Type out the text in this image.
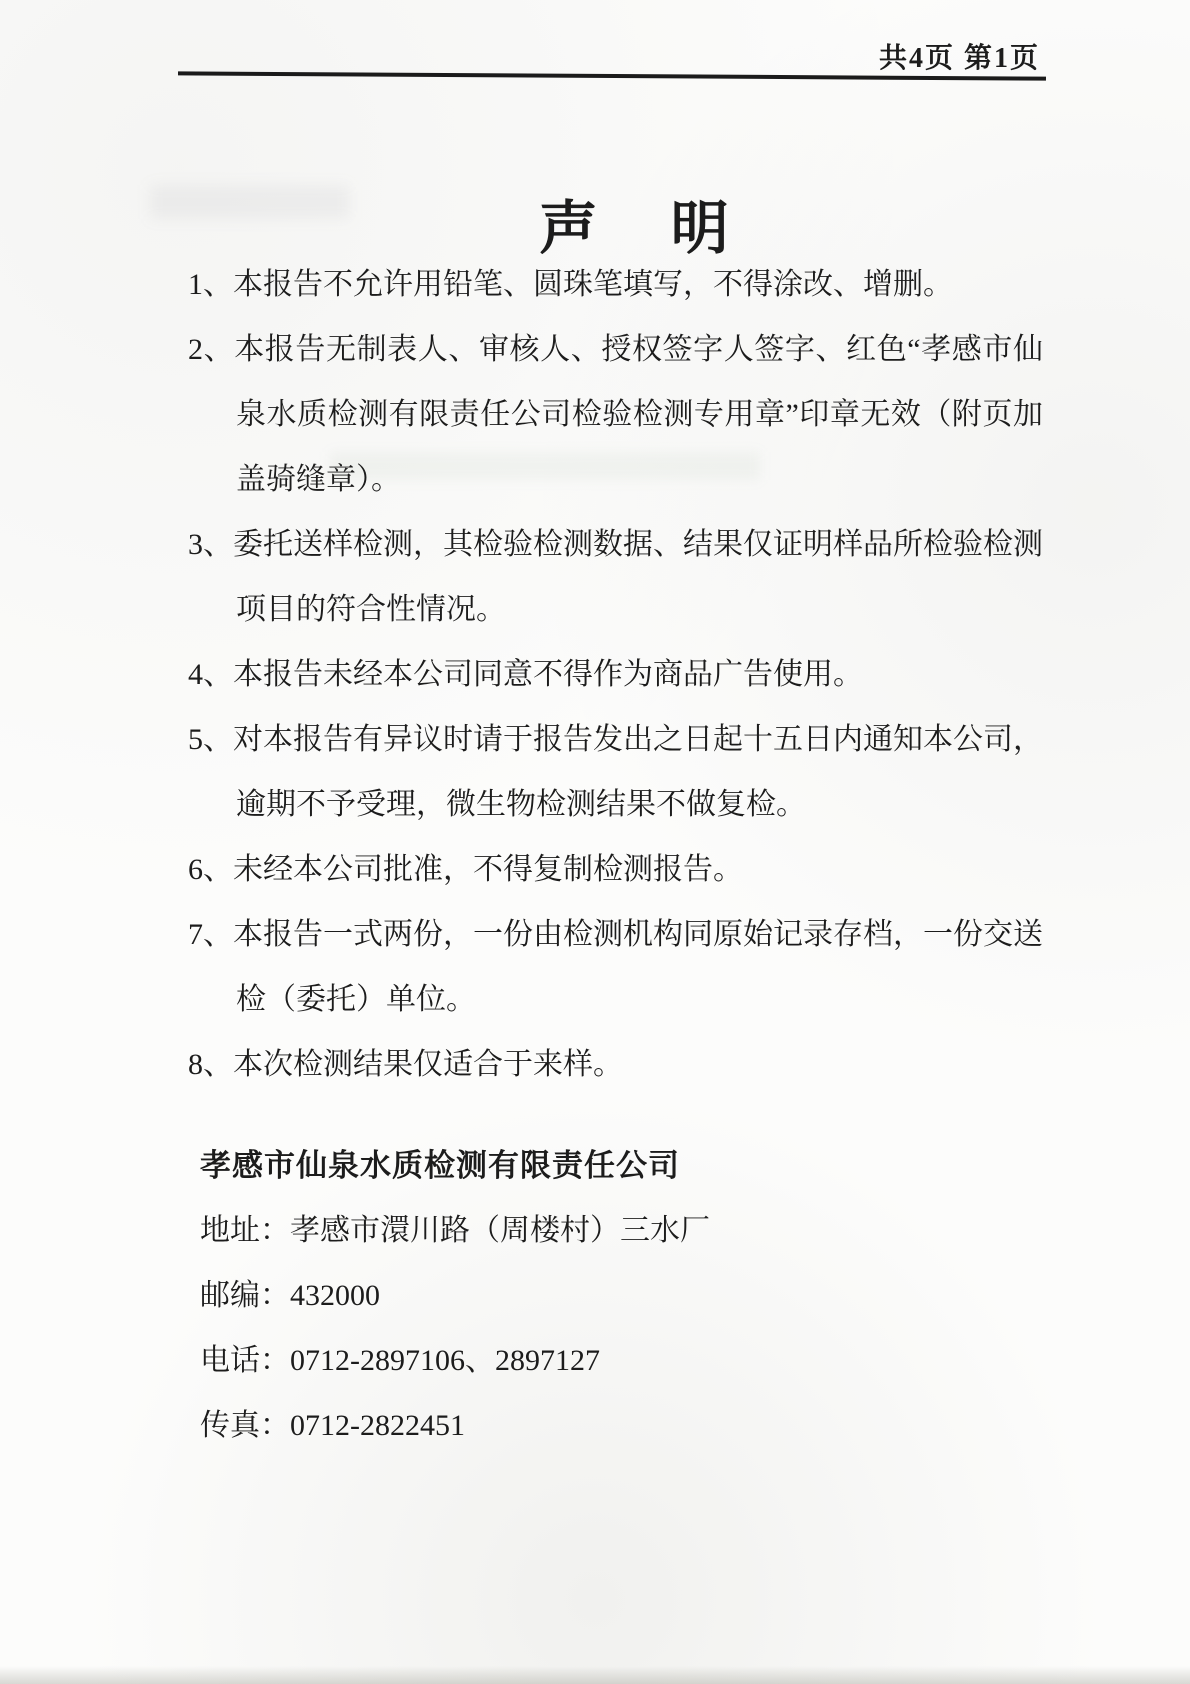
共4页 第1页
声 明

1、本报告不允许用铅笔、圆珠笔填写，不得涂改、增删。

2、本报告无制表人、审核人、授权签字人签字、红色“孝感市仙泉水质检测有限责任公司检验检测专用章”印章无效（附页加盖骑缝章）。

3、委托送样检测，其检验检测数据、结果仅证明样品所检验检测项目的符合性情况。

4、本报告未经本公司同意不得作为商品广告使用。

5、对本报告有异议时请于报告发出之日起十五日内通知本公司，逾期不予受理，微生物检测结果不做复检。

6、未经本公司批准，不得复制检测报告。

7、本报告一式两份，一份由检测机构同原始记录存档，一份交送检（委托）单位。

8、本次检测结果仅适合于来样。

孝感市仙泉水质检测有限责任公司
地址：孝感市澴川路（周楼村）三水厂
邮编：432000
电话：0712-2897106、2897127
传真：0712-2822451
